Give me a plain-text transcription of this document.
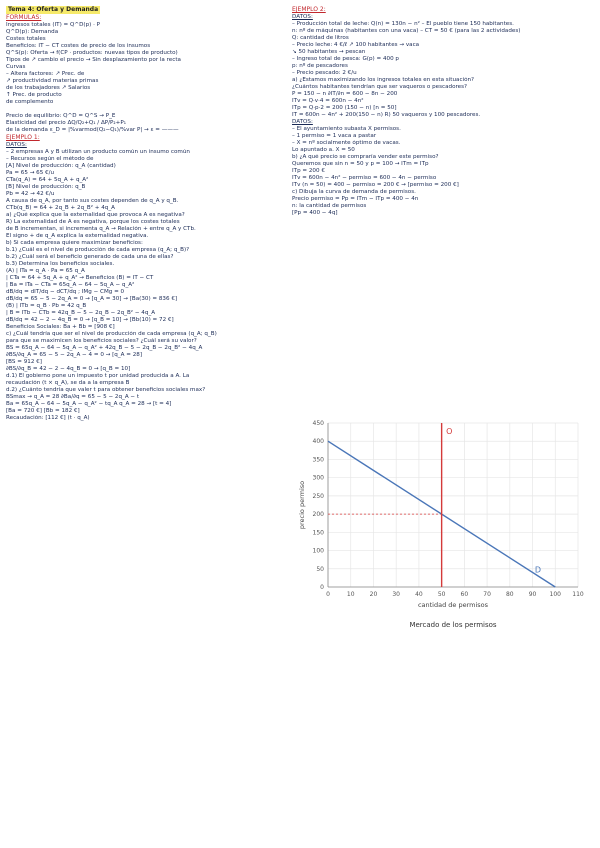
Tema 4: Oferta y Demanda
FÓRMULAS:
Ingresos totales (IT) = Q^D(p) · P
Q^D(p): Demanda
Costes totales
Beneficios: IT − CT costes de precio de los insumos
Q^S(p): Oferta → f(CP · productos: nuevas tipos de producto)
Tipos de ↗ cambio el precio → Sin desplazamiento por la recta
Curvas
– Altera factores: ↗ Prec. de
↗ productividad materias primas
de los trabajadores ↗ Salarios
↑ Prec. de producto
de complemento
Precio de equilibrio: Q^D = Q^S → P_E
Elasticidad del precio ΔQ/Q₂+Q₁ / ΔP/P₂+P₁
de la demanda ε_D = |%varmod(Q₂−Q₁)/%var P| → ε = ———
EJEMPLO 1:
DATOS:
– 2 empresas A y B utilizan un producto común un insumo común
– Recursos según el método de
[A] Nivel de producción: q_A (cantidad)
Pa = 65 → 65 €/u
CTa(q_A) = 64 + 5q_A + q_A²
[B] Nivel de producción: q_B
Pb = 42 → 42 €/u
A causa de q_A, por tanto sus costes dependen de q_A y q_B.
CTb(q_B) = 64 + 2q_B + 2q_B² + 4q_A
a) ¿Qué explica que la externalidad que provoca A es negativa?
R) La externalidad de A es negativa, porque los costes totales
de B incrementan, si incrementa q_A → Relación + entre q_A y CTb.
El signo + de q_A explica la externalidad negativa.
b) Si cada empresa quiere maximizar beneficios:
b.1) ¿Cuál es el nivel de producción de cada empresa (q_A; q_B)?
b.2) ¿Cuál será el beneficio generado de cada una de ellas?
b.3) Determina los beneficios sociales.
(A) | ITa = q_A · Pa = 65 q_A
| CTa = 64 + 5q_A + q_A² → Beneficios (B) = IT − CT
| Ba = ITa − CTa = 65q_A − 64 − 5q_A − q_A²
dB/dq = dIT/dq − dCT/dq ; IMg − CMg = 0
dB/dq = 65 − 5 − 2q_A = 0 → [q_A = 30] → [Ba(30) = 836 €]
(B) | ITb = q_B · Pb = 42 q_B
| B = ITb − CTb = 42q_B − 5 − 2q_B − 2q_B² − 4q_A
dB/dq = 42 − 2 − 4q_B = 0 → [q_B = 10] → [Bb(10) = 72 €]
Beneficios Sociales: Ba + Bb = [908 €]
c) ¿Cuál tendría que ser el nivel de producción de cada empresa (q_A; q_B)
para que se maximicen los beneficios sociales? ¿Cuál será su valor?
BS = 65q_A − 64 − 5q_A − q_A² + 42q_B − 5 − 2q_B − 2q_B² − 4q_A
∂BS/∂q_A = 65 − 5 − 2q_A − 4 = 0 → [q_A = 28]
[BS = 912 €]
∂BS/∂q_B = 42 − 2 − 4q_B = 0 → [q_B = 10]
d.1) El gobierno pone un impuesto t por unidad producida a A. La
recaudación (t × q_A), se da a la empresa B
d.2) ¿Cuánto tendría que valer t para obtener beneficios sociales max?
BSmax → q_A = 28 ∂Ba/∂q = 65 − 5 − 2q_A − t
Ba = 65q_A − 64 − 5q_A − q_A² − tq_A q_A = 28 → [t = 4]
[Ba = 720 €] [Bb = 182 €]
Recaudación: [112 €] (t · q_A)
EJEMPLO 2:
DATOS:
– Producción total de leche: Q(n) = 130n − n² – El pueblo tiene 150 habitantes.
n: nº de máquinas (habitantes con una vaca) – CT = 50 € (para las 2 actividades)
Q: cantidad de litros
– Precio leche: 4 €/ℓ ↗ 100 habitantes → vaca
↘ 50 habitantes → pescan
– Ingreso total de pesca: G(p) = 400 p
p: nº de pescadores
– Precio pescado: 2 €/u
a) ¿Estamos maximizando los ingresos totales en esta situación?
¿Cuántos habitantes tendrían que ser vaqueros o pescadores?
P = 150 − n ∂IT/∂n = 600 − 8n − 200
ITv = Q·v·4 = 600n − 4n²
ITp = Q·p·2 = 200 (150 − n) [n = 50]
IT = 600n − 4n² + 200(150 − n) R) 50 vaqueros y 100 pescadores.
DATOS:
– El ayuntamiento subasta X permisos.
– 1 permiso = 1 vaca a pastar
– X = nº socialmente óptimo de vacas.
Lo apuntado a. X = 50
b) ¿A qué precio se compraría vender este permiso?
Queremos que sin n = 50 y p = 100 → ITm = ITp
ITp = 200 €
ITv = 600n − 4n² − permiso = 600 − 4n − permiso
ITv (n = 50) = 400 − permiso = 200 € → [permiso = 200 €]
c) Dibuja la curva de demanda de permisos.
Precio permiso = Pp = ITm − ITp = 400 − 4n
n: la cantidad de permisos
[Pp = 400 − 4q]
0
50
100
150
200
250
300
350
400
450
0	10	20	30	40	50	60	70	80	90 100 110
O
D
cantidad de permisos
precio permiso
Mercado de los permisos
